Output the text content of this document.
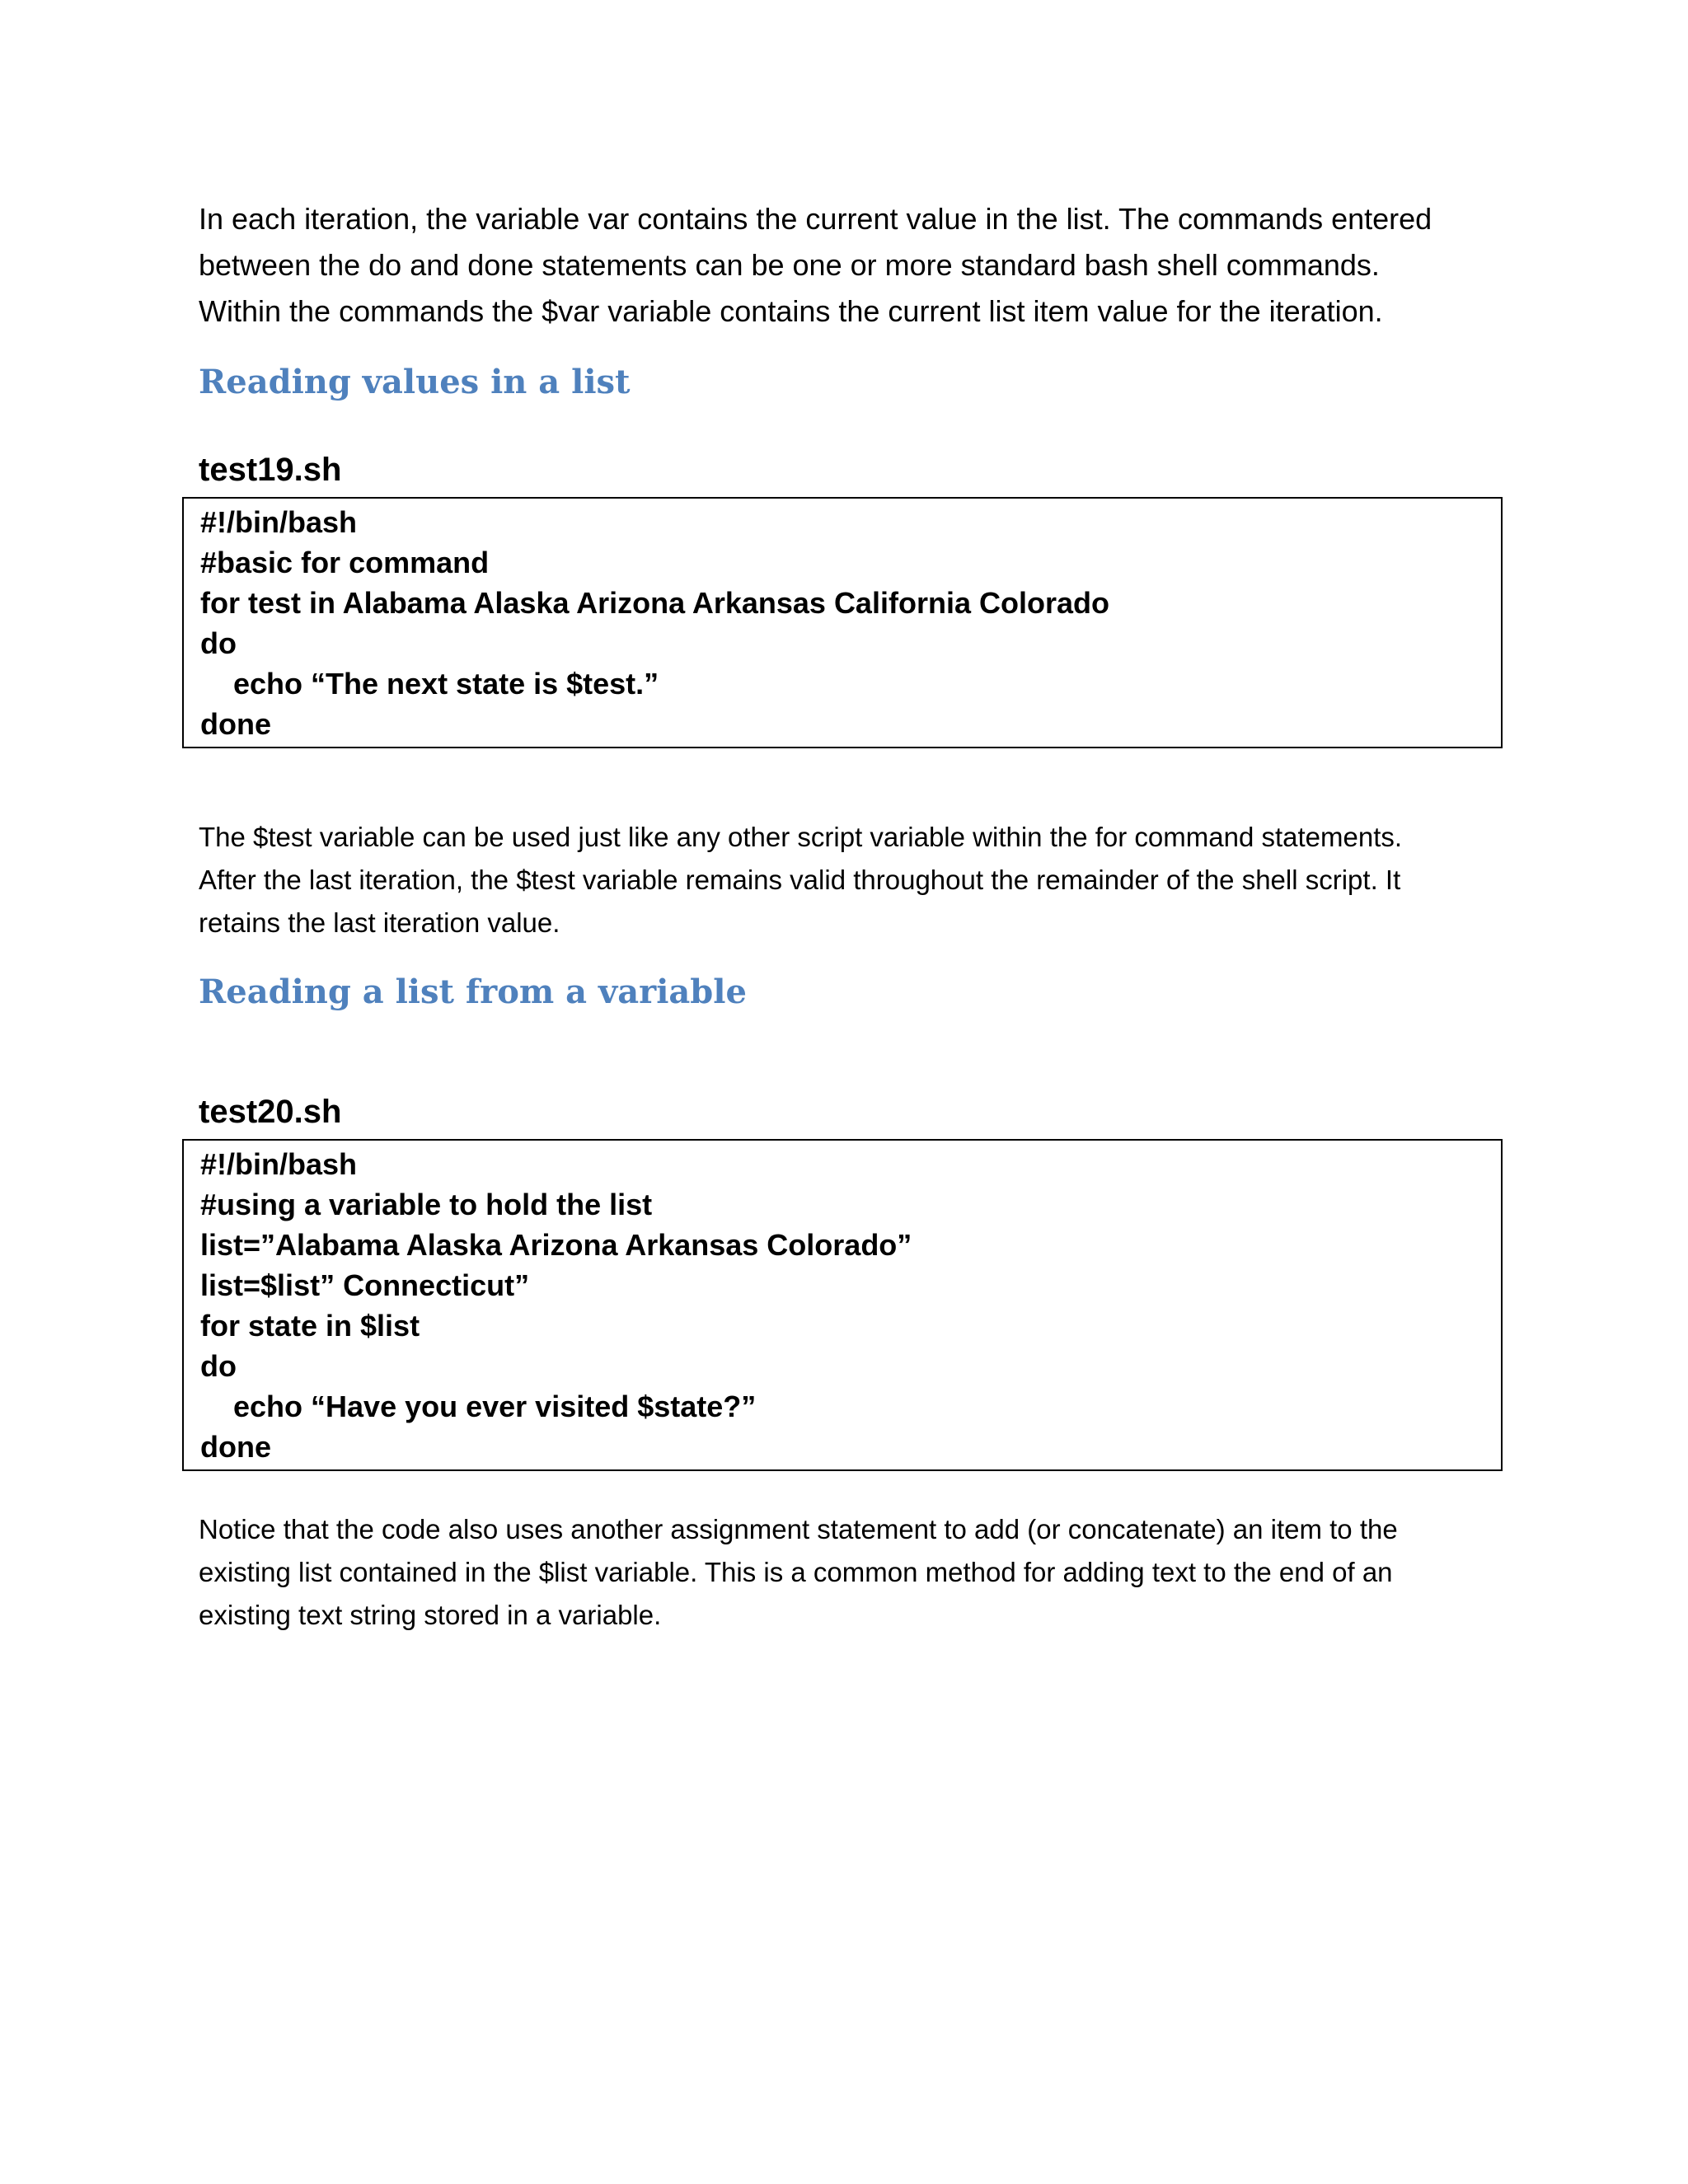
In each iteration, the variable var contains the current value in the list. The commands entered
between the do and done statements can be one or more standard bash shell commands.
Within the commands the $var variable contains the current list item value for the iteration.
Reading values in a list
test19.sh
#!/bin/bash
#basic for command
for test in Alabama Alaska Arizona Arkansas California Colorado
do
echo “The next state is $test.”
done
The $test variable can be used just like any other script variable within the for command statements.
After the last iteration, the $test variable remains valid throughout the remainder of the shell script. It
retains the last iteration value.
Reading a list from a variable
test20.sh
#!/bin/bash
#using a variable to hold the list
list=”Alabama Alaska Arizona Arkansas Colorado”
list=$list” Connecticut”
for state in $list
do
echo “Have you ever visited $state?”
done
Notice that the code also uses another assignment statement to add (or concatenate) an item to the
existing list contained in the $list variable. This is a common method for adding text to the end of an
existing text string stored in a variable.
